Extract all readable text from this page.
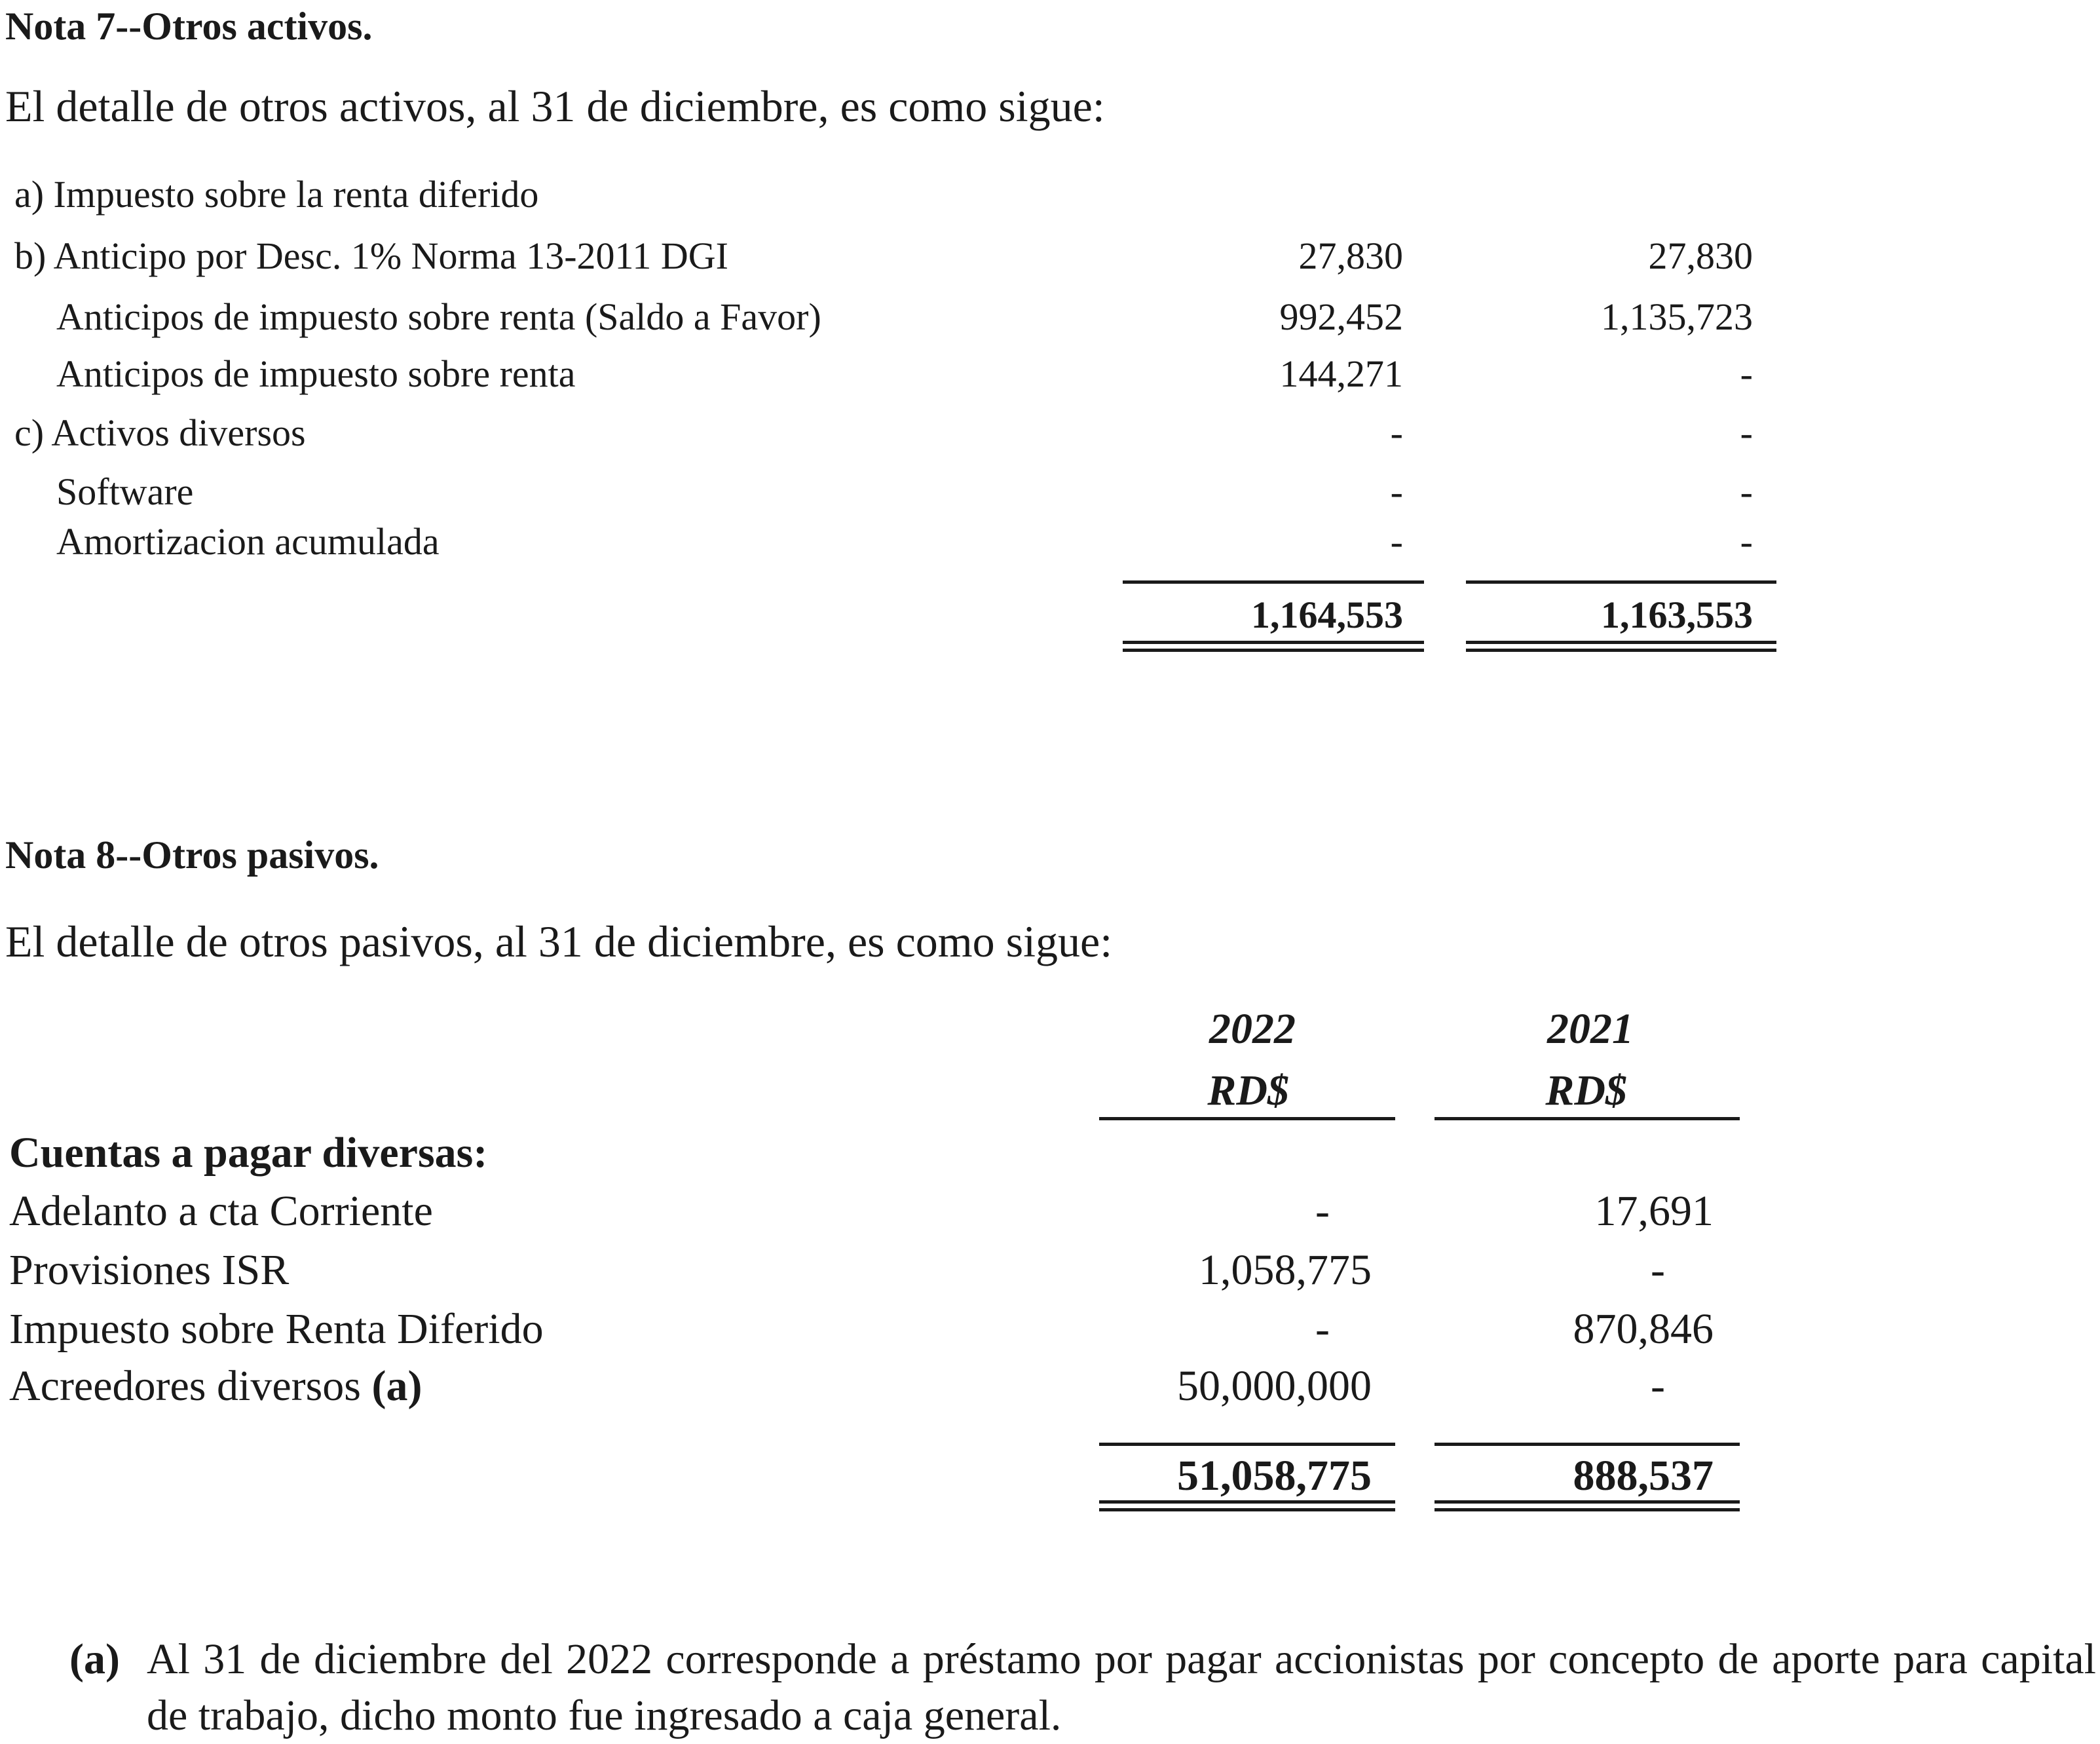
Nota 7--Otros activos.
El detalle de otros activos, al 31 de diciembre, es como sigue:
a) Impuesto sobre la renta diferido
b) Anticipo por Desc. 1% Norma 13-2011 DGI	27,830	27,830
Anticipos de impuesto sobre renta (Saldo a Favor)	992,452	1,135,723
Anticipos de impuesto sobre renta	144,271	-
c) Activos diversos	-	-
Software	-	-
Amortizacion acumulada	-	-
1,164,553	1,163,553
Nota 8--Otros pasivos.
El detalle de otros pasivos, al 31 de diciembre, es como sigue:
2022	2021
RD$	RD$
Cuentas a pagar diversas:
Adelanto a cta Corriente	-	17,691
Provisiones ISR	1,058,775	-
Impuesto sobre Renta Diferido	-	870,846
Acreedores diversos (a)	50,000,000	-
51,058,775	888,537
(a) Al 31 de diciembre del 2022 corresponde a préstamo por pagar accionistas por concepto de aporte para capital de trabajo, dicho monto fue ingresado a caja general.
